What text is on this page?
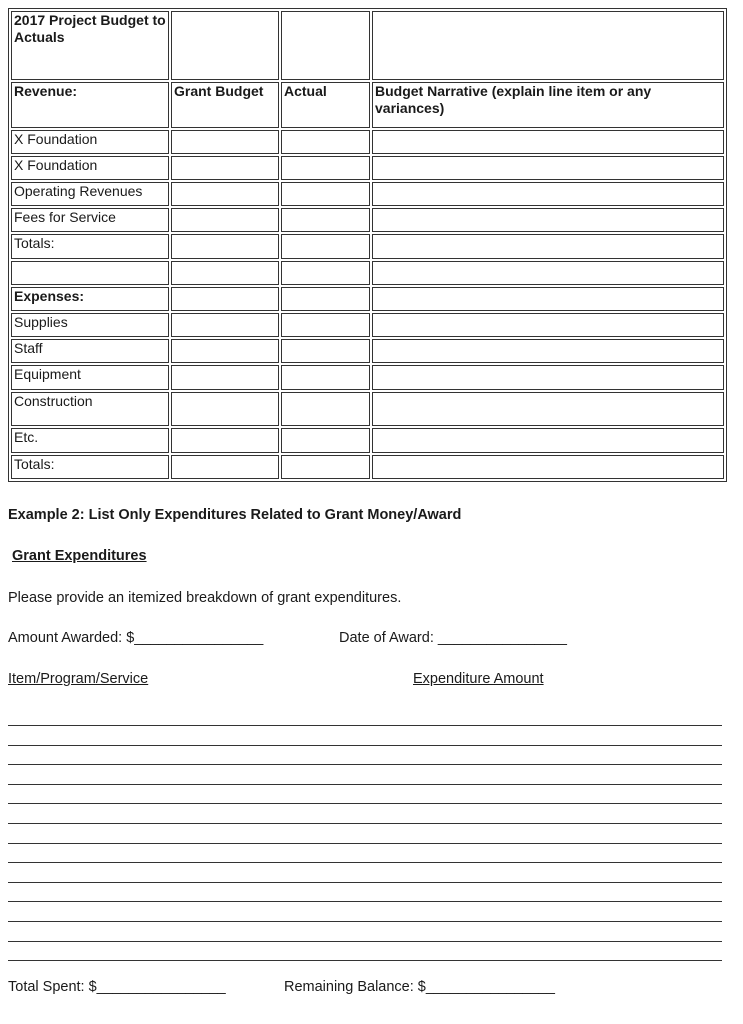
2017 Project Budget to Actuals			
Revenue:	Grant Budget	Actual	Budget Narrative (explain line item or any variances)
X Foundation			
X Foundation			
Operating Revenues			
Fees for Service			
Totals:			

Expenses:			
Supplies			
Staff			
Equipment			
Construction			
Etc.			
Totals:			
Example 2: List Only Expenditures Related to Grant Money/Award
Grant Expenditures
Please provide an itemized breakdown of grant expenditures.
Amount Awarded: $________________	Date of Award: ________________
Item/Program/Service	Expenditure Amount
Total Spent: $________________	Remaining Balance: $________________
